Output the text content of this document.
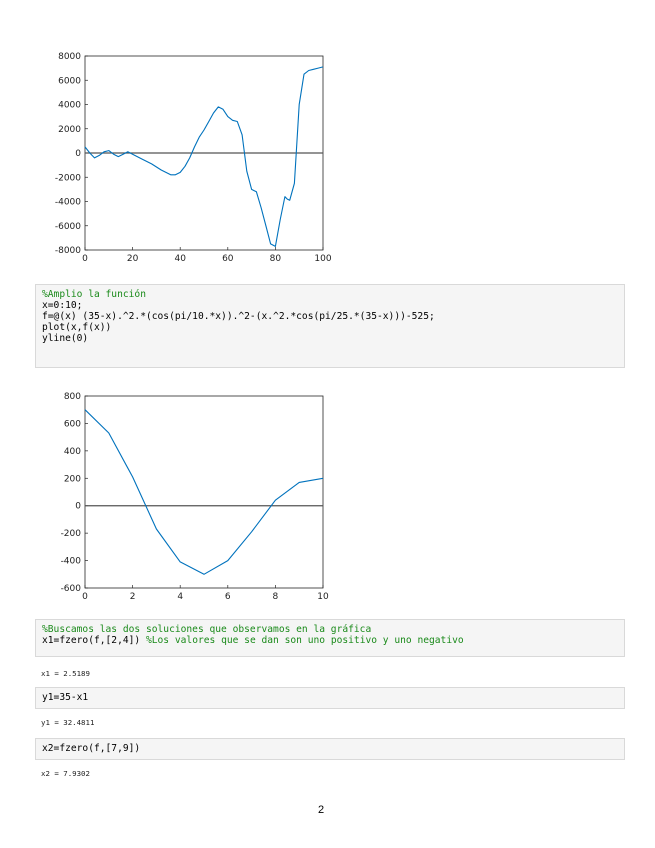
0	20	40	60	80	100
-8000
-6000
-4000
-2000
0
2000
4000
6000
8000
%Amplio la función
x=0:10;
f=@(x) (35-x).^2.*(cos(pi/10.*x)).^2-(x.^2.*cos(pi/25.*(35-x)))-525;
plot(x,f(x))
yline(0)
0	2	4	6	8	10
-600
-400
-200
0
200
400
600
800
%Buscamos las dos soluciones que observamos en la gráfica
x1=fzero(f,[2,4]) %Los valores que se dan son uno positivo y uno negativo
x1 = 2.5189
y1=35-x1
y1 = 32.4811
x2=fzero(f,[7,9])
x2 = 7.9302
2
